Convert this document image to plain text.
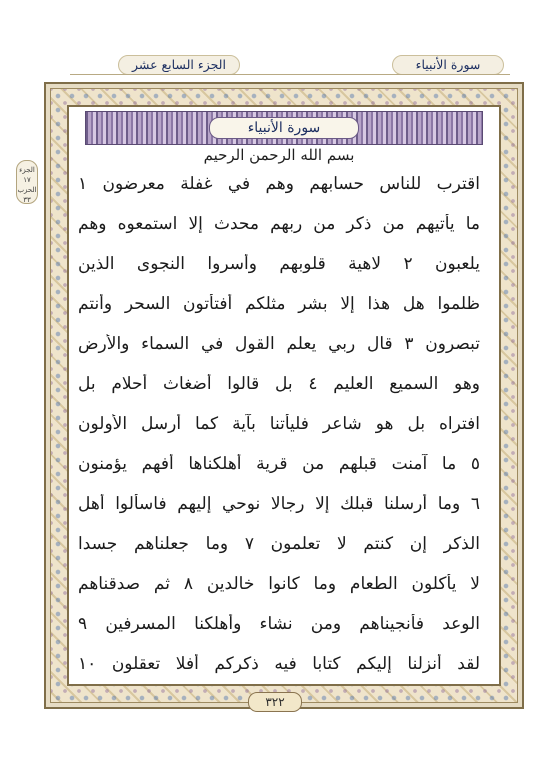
الجزء السابع عشر	سورة الأنبياء
سورة الأنبياء
الجزء ١٧
الحزب ٣٣
بسم الله الرحمن الرحيم
اقترب للناس حسابهم وهم في غفلة معرضون ١
ما يأتيهم من ذكر من ربهم محدث إلا استمعوه وهم
يلعبون ٢ لاهية قلوبهم وأسروا النجوى الذين
ظلموا هل هذا إلا بشر مثلكم أفتأتون السحر وأنتم
تبصرون ٣ قال ربي يعلم القول في السماء والأرض
وهو السميع العليم ٤ بل قالوا أضغاث أحلام بل
افتراه بل هو شاعر فليأتنا بآية كما أرسل الأولون
٥ ما آمنت قبلهم من قرية أهلكناها أفهم يؤمنون
٦ وما أرسلنا قبلك إلا رجالا نوحي إليهم فاسألوا أهل
الذكر إن كنتم لا تعلمون ٧ وما جعلناهم جسدا
لا يأكلون الطعام وما كانوا خالدين ٨ ثم صدقناهم
الوعد فأنجيناهم ومن نشاء وأهلكنا المسرفين ٩
لقد أنزلنا إليكم كتابا فيه ذكركم أفلا تعقلون ١٠
٣٢٢
